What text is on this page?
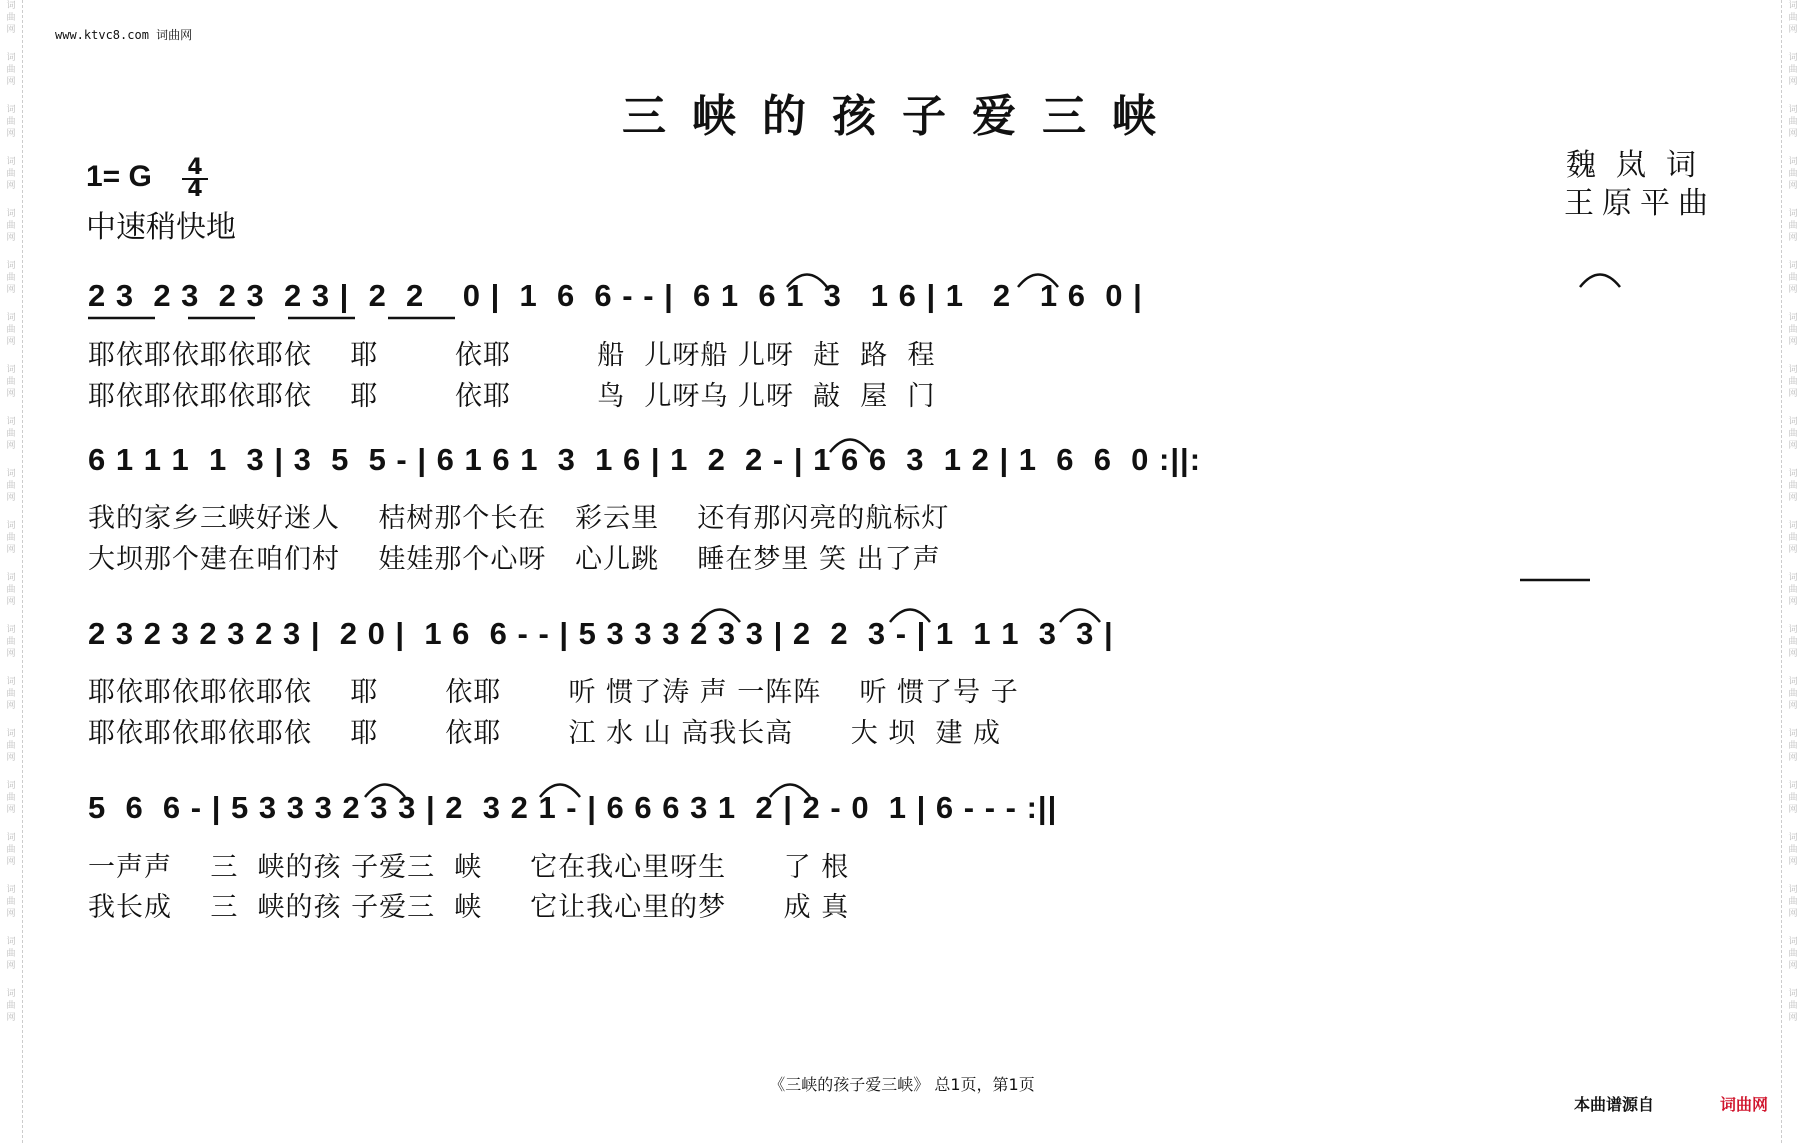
词
曲
网
词
曲
网
词
曲
网
词
曲
网
词
曲
网
词
曲
网
词
曲
网
词
曲
网
词
曲
网
词
曲
网
词
曲
网
词
曲
网
词
曲
网
词
曲
网
词
曲
网
词
曲
网
词
曲
网
词
曲
网
词
曲
网
词
曲
网
词
曲
网
词
曲
网
词
曲
网
词
曲
网
词
曲
网
词
曲
网
词
曲
网
词
曲
网
词
曲
网
词
曲
网
词
曲
网
词
曲
网
词
曲
网
词
曲
网
词
曲
网
词
曲
网
词
曲
网
词
曲
网
词
曲
网
词
曲
网
www.ktvc8.com 词曲网
三峡的孩子爱三峡
1= G $\frac{4}{4}$
中速稍快地
魏岚词
王原平曲
2 3  2 3  2 3  2 3 |  2  2    0 |  1  6  6 - - |  6 1  6 1  3   1 6 | 1   2   1 6  0 |
耶依耶依耶依耶依    耶        依耶         船  儿呀船 儿呀  赶  路  程
耶依耶依耶依耶依    耶        依耶         鸟  儿呀乌 儿呀  敲  屋  门
6 1 1 1  1  3 | 3  5  5 - | 6 1 6 1  3  1 6 | 1  2  2 - | 1 6 6  3  1 2 | 1  6  6  0 :||:
我的家乡三峡好迷人    桔树那个长在   彩云里    还有那闪亮的航标灯
大坝那个建在咱们村    娃娃那个心呀   心儿跳    睡在梦里 笑 出了声
2 3 2 3 2 3 2 3 |  2 0 |  1 6  6 - - | 5 3 3 3 2 3 3 | 2  2  3 - | 1  1 1  3  3 |
耶依耶依耶依耶依    耶       依耶       听 惯了涛 声 一阵阵    听 惯了号 子
耶依耶依耶依耶依    耶       依耶       江 水 山 高我长高      大 坝  建 成
5  6  6 - | 5 3 3 3 2 3 3 | 2  3 2 1 - | 6 6 6 3 1  2 | 2 - 0  1 | 6 - - - :||
一声声    三  峡的孩 子爱三  峡     它在我心里呀生      了 根
我长成    三  峡的孩 子爱三  峡     它让我心里的梦      成 真
《三峡的孩子爱三峡》 总1页，第1页
本曲谱源自	词曲网
